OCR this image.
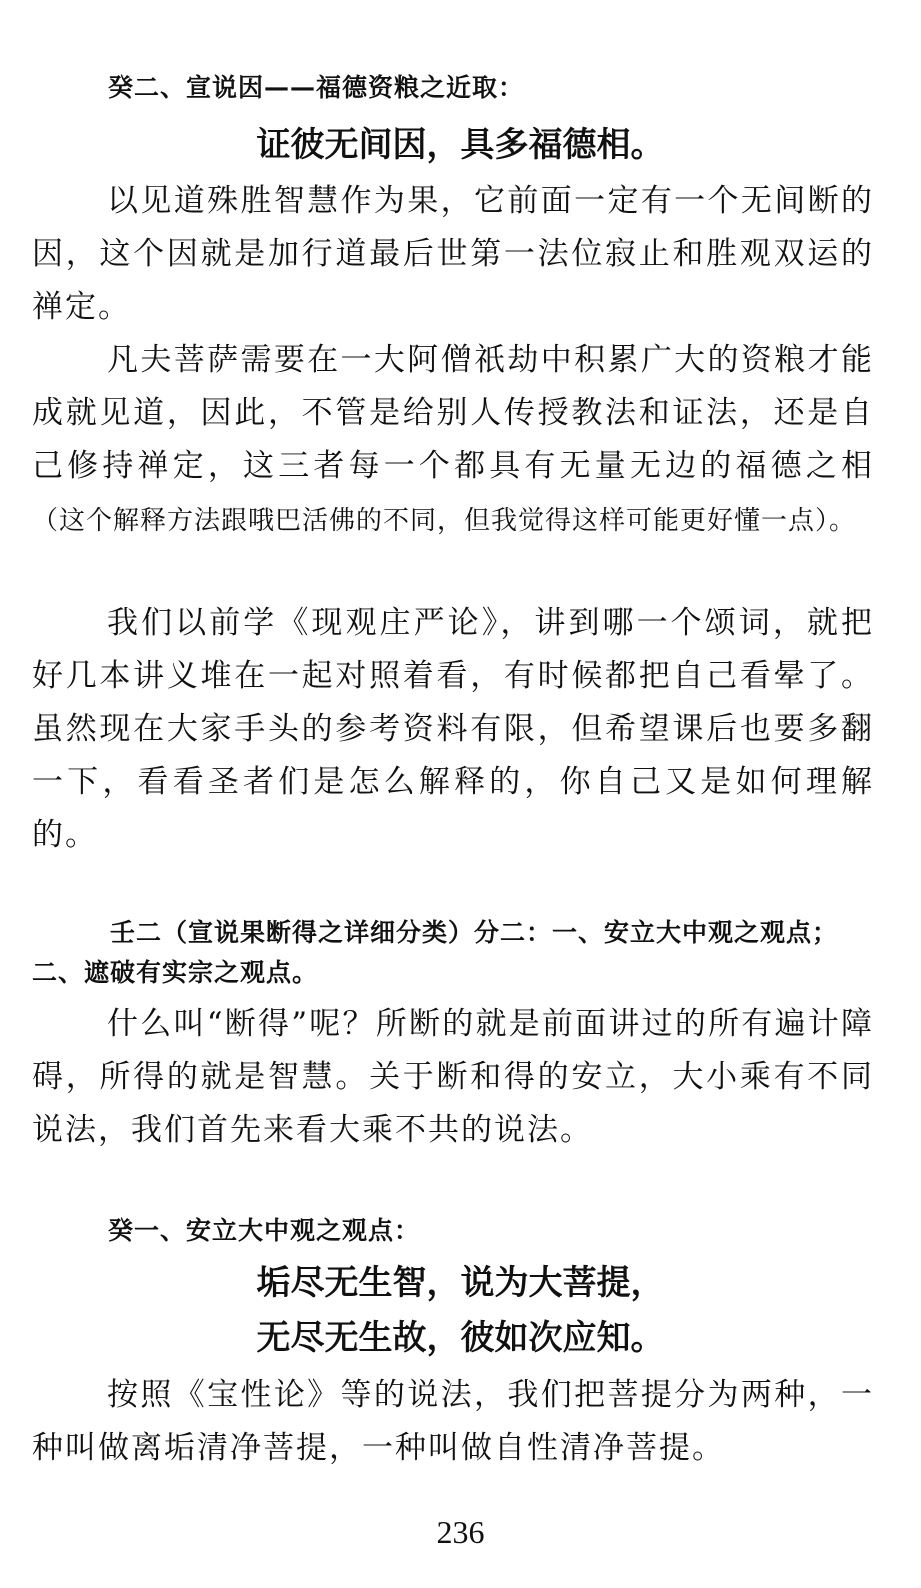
癸二、宣说因——福德资粮之近取：
证彼无间因，具多福德相。

以见道殊胜智慧作为果，它前面一定有一个无间断的因，这个因就是加行道最后世第一法位寂止和胜观双运的禅定。

凡夫菩萨需要在一大阿僧祇劫中积累广大的资粮才能成就见道，因此，不管是给别人传授教法和证法，还是自己修持禅定，这三者每一个都具有无量无边的福德之相（这个解释方法跟哦巴活佛的不同，但我觉得这样可能更好懂一点）。

我们以前学《现观庄严论》，讲到哪一个颂词，就把好几本讲义堆在一起对照着看，有时候都把自己看晕了。虽然现在大家手头的参考资料有限，但希望课后也要多翻一下，看看圣者们是怎么解释的，你自己又是如何理解的。

壬二（宣说果断得之详细分类）分二：一、安立大中观之观点；二、遮破有实宗之观点。

什么叫“断得”呢？所断的就是前面讲过的所有遍计障碍，所得的就是智慧。关于断和得的安立，大小乘有不同说法，我们首先来看大乘不共的说法。

癸一、安立大中观之观点：
垢尽无生智，说为大菩提，
无尽无生故，彼如次应知。

按照《宝性论》等的说法，我们把菩提分为两种，一种叫做离垢清净菩提，一种叫做自性清净菩提。

236
